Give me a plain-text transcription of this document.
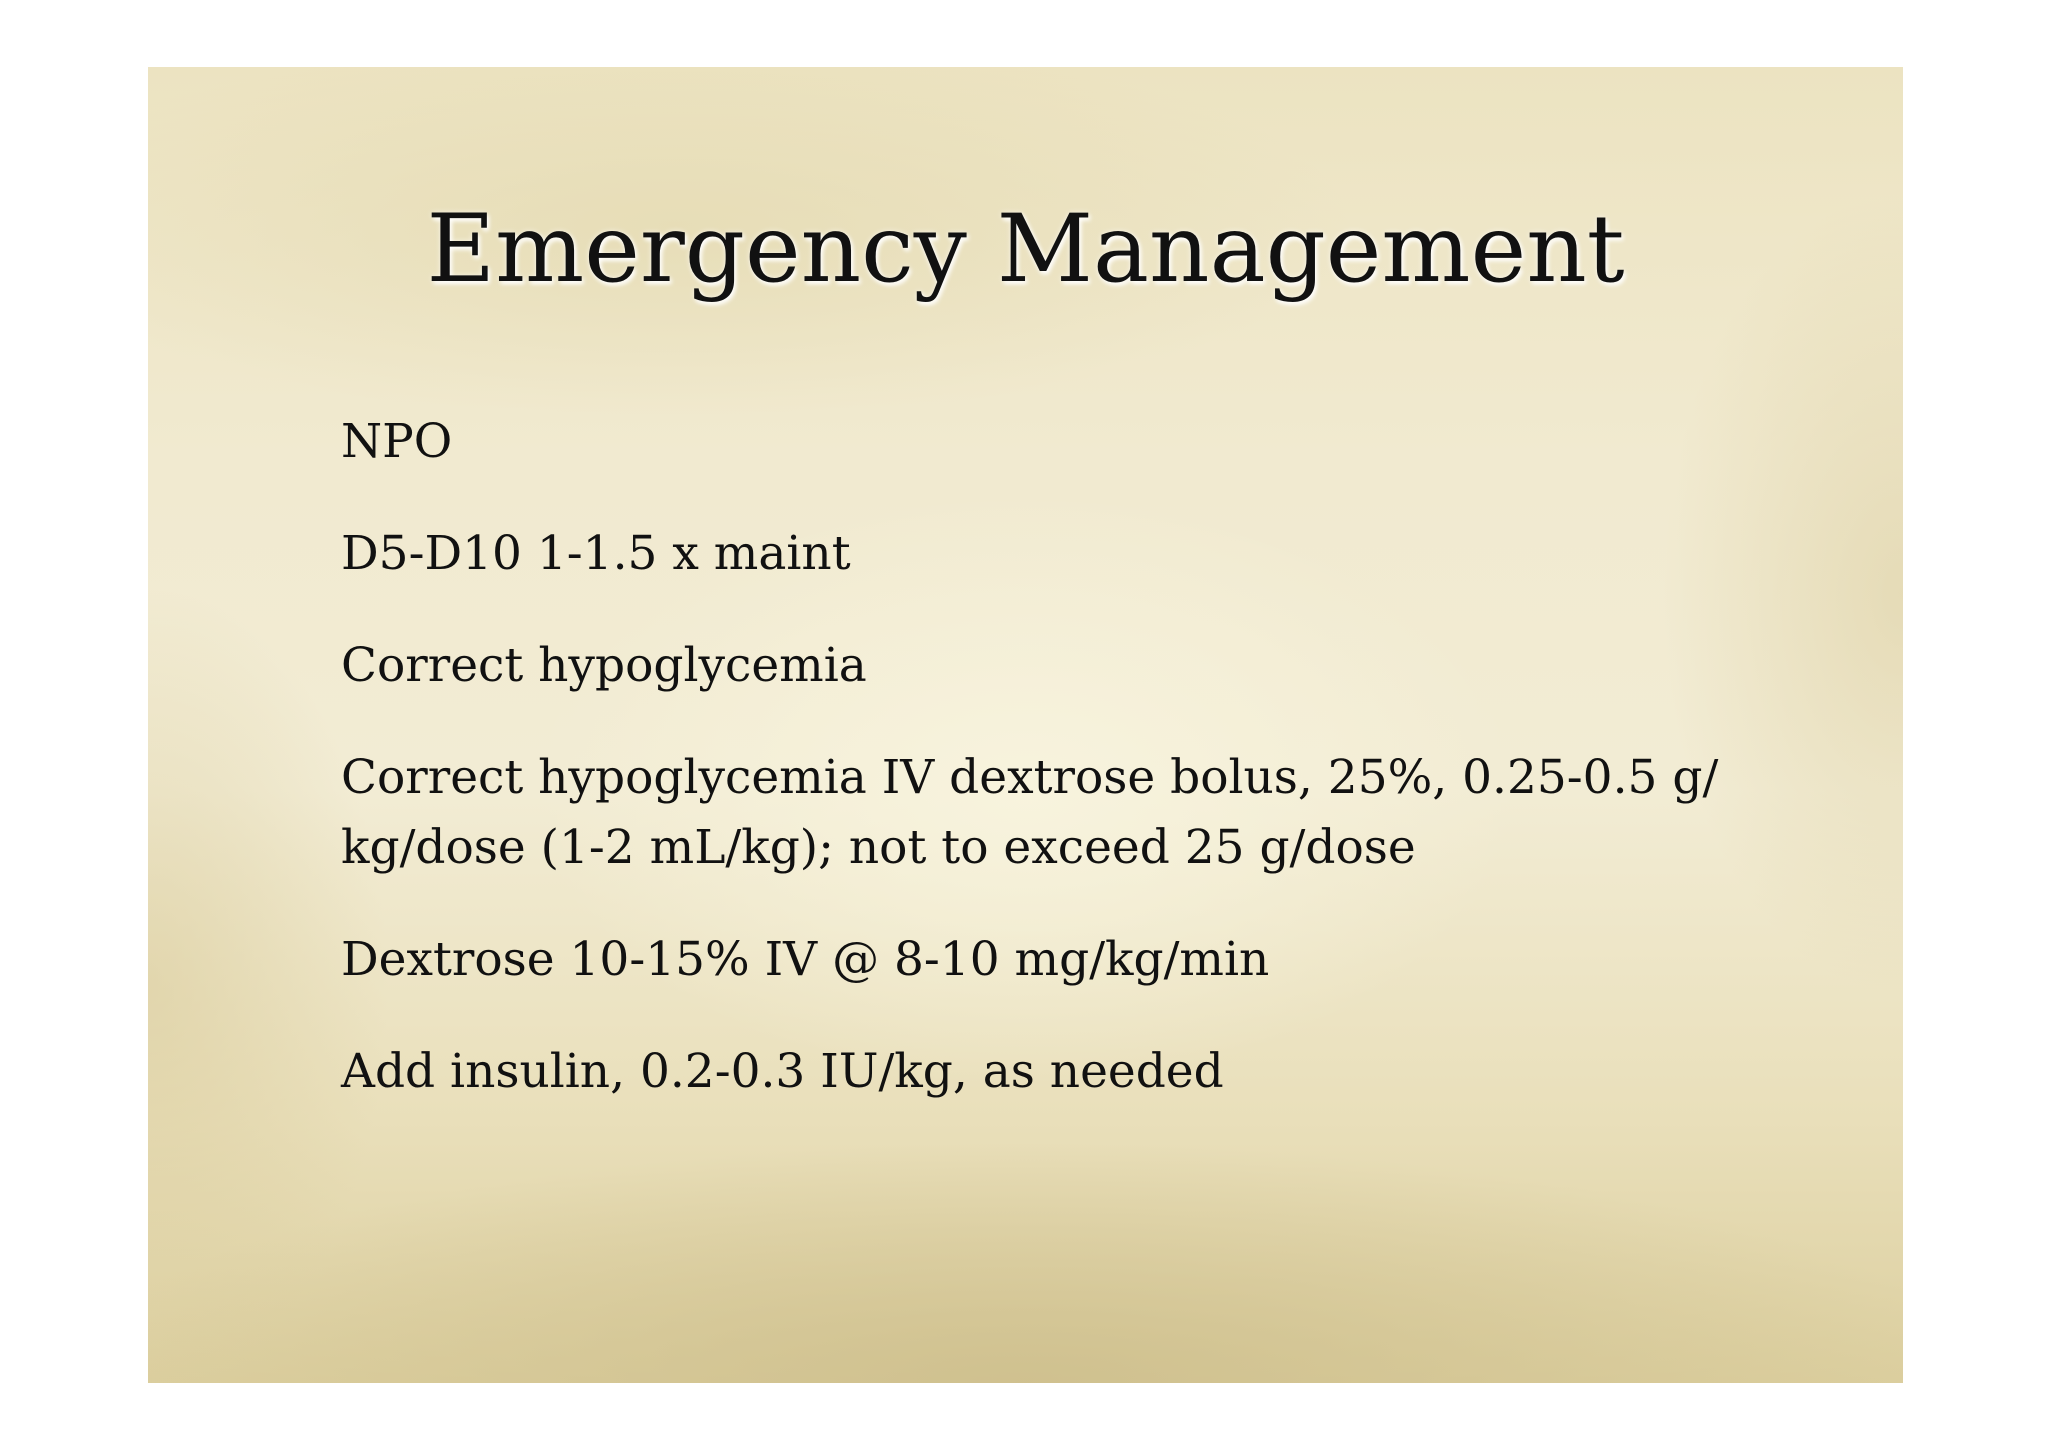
Emergency Management
NPO
D5-D10 1-1.5 x maint
Correct hypoglycemia
Correct hypoglycemia IV dextrose bolus, 25%, 0.25-0.5 g/ kg/dose (1-2 mL/kg); not to exceed 25 g/dose
Dextrose 10-15% IV @ 8-10 mg/kg/min
Add insulin, 0.2-0.3 IU/kg, as needed
